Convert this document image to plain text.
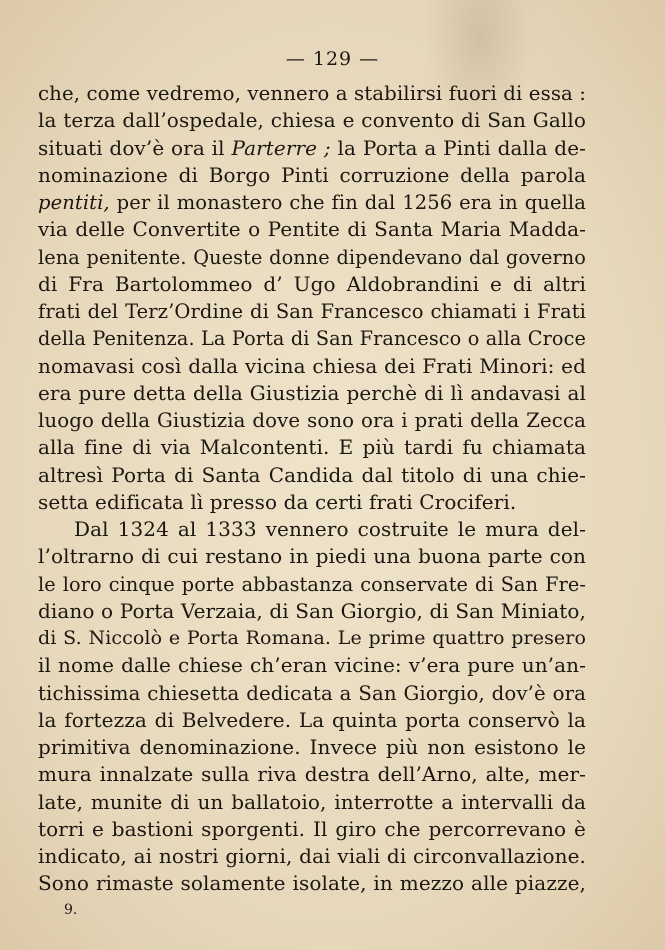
— 129 —
che, come vedremo, vennero a stabilirsi fuori di essa :
la terza dall’ospedale, chiesa e convento di San Gallo
situati dov’è ora il Parterre ; la Porta a Pinti dalla de-
nominazione di Borgo Pinti corruzione della parola
pentiti, per il monastero che fin dal 1256 era in quella
via delle Convertite o Pentite di Santa Maria Madda-
lena penitente. Queste donne dipendevano dal governo
di Fra Bartolommeo d’ Ugo Aldobrandini e di altri
frati del Terz’Ordine di San Francesco chiamati i Frati
della Penitenza. La Porta di San Francesco o alla Croce
nomavasi così dalla vicina chiesa dei Frati Minori: ed
era pure detta della Giustizia perchè di lì andavasi al
luogo della Giustizia dove sono ora i prati della Zecca
alla fine di via Malcontenti. E più tardi fu chiamata
altresì Porta di Santa Candida dal titolo di una chie-
setta edificata lì presso da certi frati Crociferi.
Dal 1324 al 1333 vennero costruite le mura del-
l’oltrarno di cui restano in piedi una buona parte con
le loro cinque porte abbastanza conservate di San Fre-
diano o Porta Verzaia, di San Giorgio, di San Miniato,
di S. Niccolò e Porta Romana. Le prime quattro presero
il nome dalle chiese ch’eran vicine: v’era pure un’an-
tichissima chiesetta dedicata a San Giorgio, dov’è ora
la fortezza di Belvedere. La quinta porta conservò la
primitiva denominazione. Invece più non esistono le
mura innalzate sulla riva destra dell’Arno, alte, mer-
late, munite di un ballatoio, interrotte a intervalli da
torri e bastioni sporgenti. Il giro che percorrevano è
indicato, ai nostri giorni, dai viali di circonvallazione.
Sono rimaste solamente isolate, in mezzo alle piazze,
9.
